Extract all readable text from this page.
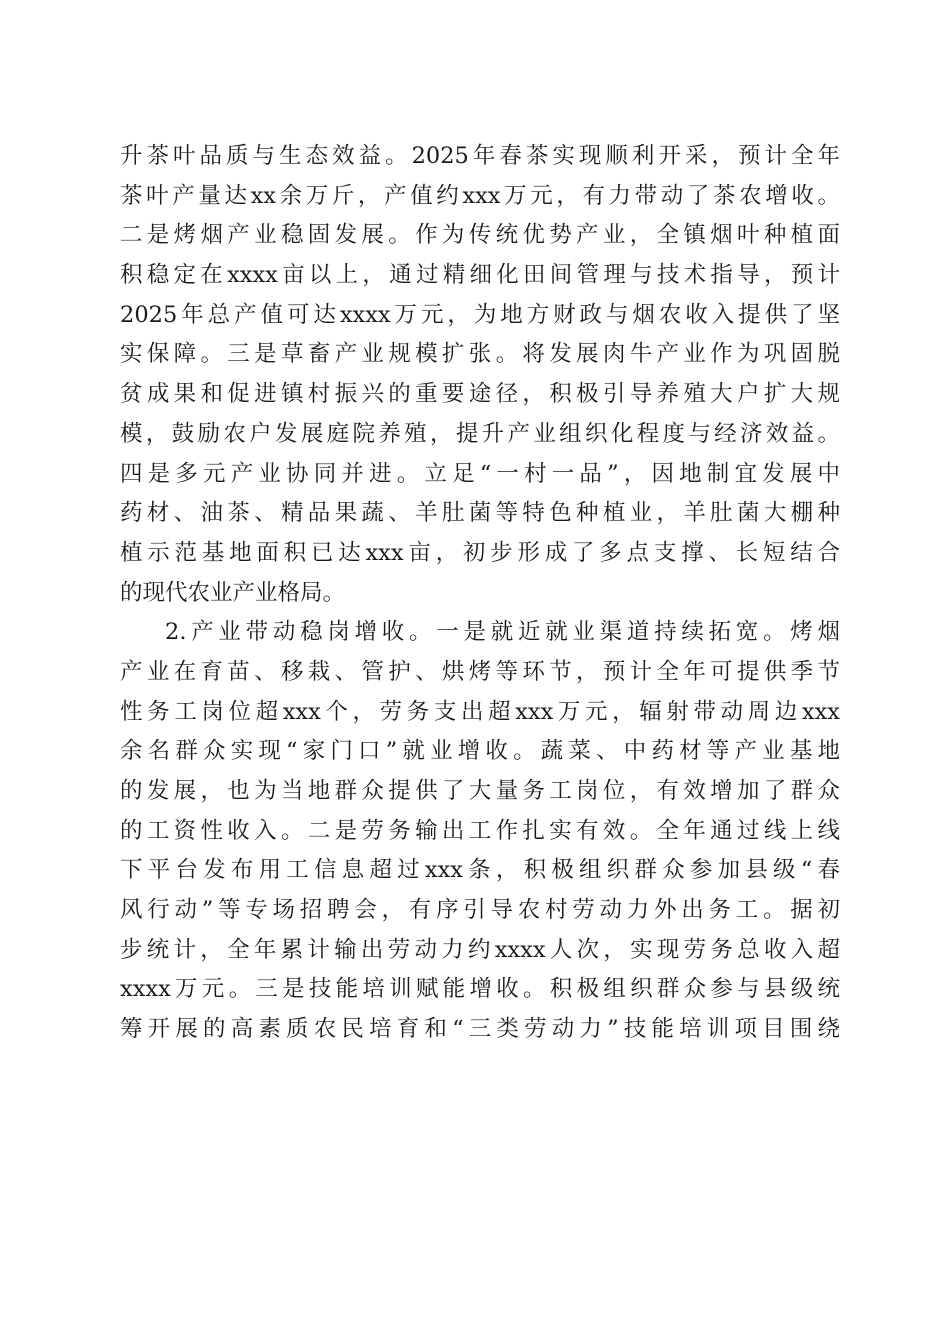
升茶叶品质与生态效益。2025年春茶实现顺利开采，预计全年
茶叶产量达xx余万斤，产值约xxx万元，有力带动了茶农增收。
二是烤烟产业稳固发展。作为传统优势产业，全镇烟叶种植面
积稳定在xxxx亩以上，通过精细化田间管理与技术指导，预计
2025年总产值可达xxxx万元，为地方财政与烟农收入提供了坚
实保障。三是草畜产业规模扩张。将发展肉牛产业作为巩固脱
贫成果和促进镇村振兴的重要途径，积极引导养殖大户扩大规
模，鼓励农户发展庭院养殖，提升产业组织化程度与经济效益。
四是多元产业协同并进。立足“一村一品”，因地制宜发展中
药材、油茶、精品果蔬、羊肚菌等特色种植业，羊肚菌大棚种
植示范基地面积已达xxx亩，初步形成了多点支撑、长短结合
的现代农业产业格局。
2.产业带动稳岗增收。一是就近就业渠道持续拓宽。烤烟
产业在育苗、移栽、管护、烘烤等环节，预计全年可提供季节
性务工岗位超xxx个，劳务支出超xxx万元，辐射带动周边xxx
余名群众实现“家门口”就业增收。蔬菜、中药材等产业基地
的发展，也为当地群众提供了大量务工岗位，有效增加了群众
的工资性收入。二是劳务输出工作扎实有效。全年通过线上线
下平台发布用工信息超过xxx条，积极组织群众参加县级“春
风行动”等专场招聘会，有序引导农村劳动力外出务工。据初
步统计，全年累计输出劳动力约xxxx人次，实现劳务总收入超
xxxx万元。三是技能培训赋能增收。积极组织群众参与县级统
筹开展的高素质农民培育和“三类劳动力”技能培训项目围绕
